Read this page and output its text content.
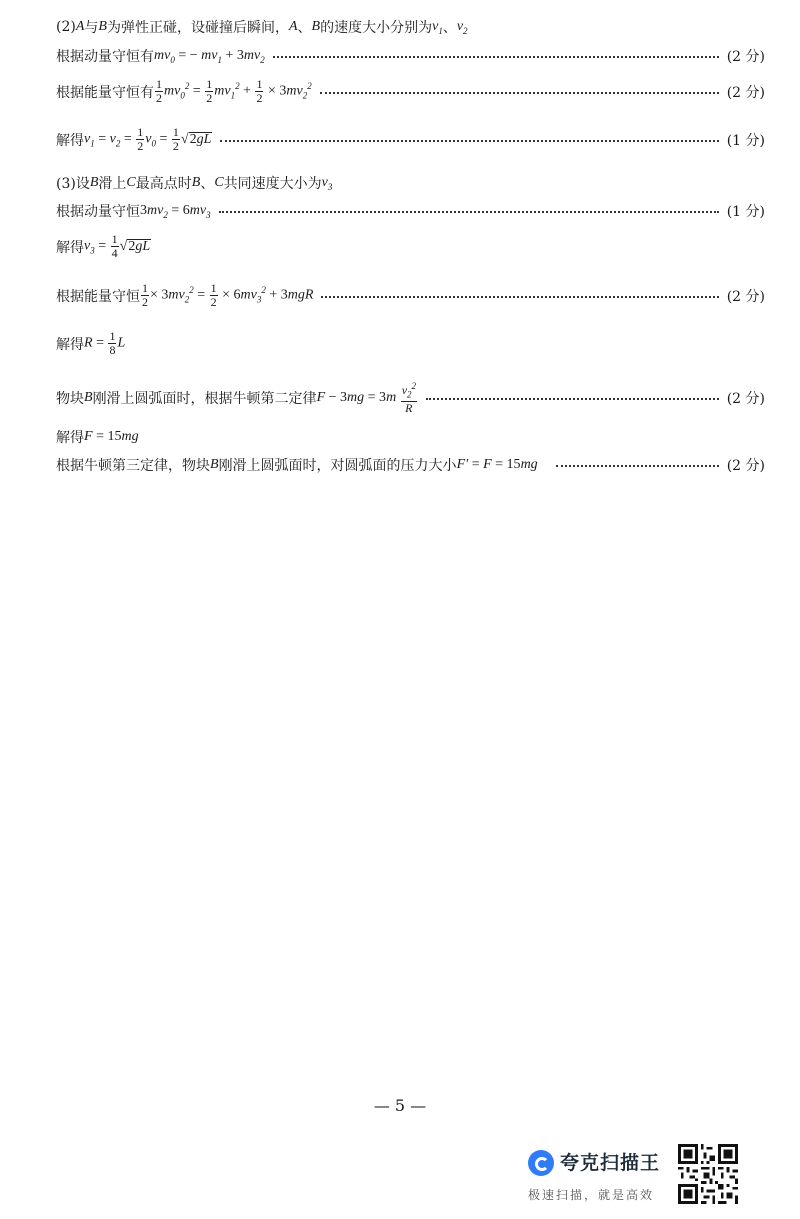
(2) A 与 B 为弹性正碰，设碰撞后瞬间， A 、 B 的速度大小分别为 $v_1$ 、 $v_2$
根据动量守恒有 $mv_0$ = − $mv_1 + 3mv_2$	(2 分)
根据能量守恒有 $\frac{1}{2} mv_0^2 = \frac{1}{2} mv_1^2 + \frac{1}{2} \times 3mv_2^2$	(2 分)
解得 $v_1 = v_2 = \frac{1}{2} v_0 = \frac{1}{2}$ √ 2gL	(1 分)
(3)设 B 滑上 C 最高点时 B 、 C 共同速度大小为 $v_3$
根据动量守恒 $3mv_2 = 6mv_3$	(1 分)
解得 $v_3 = \frac{1}{4}$ √ 2gL
根据能量守恒 $\frac{1}{2} \times 3mv_2^2 = \frac{1}{2} \times 6mv_3^2 + 3mgR$	(2 分)
解得 $R = \frac{1}{8}$ L
物块 B 刚滑上圆弧面时，根据牛顿第二定律 $F - 3mg = 3m \frac{v_2^2}{R}$	(2 分)
解得 F = 15mg
根据牛顿第三定律，物块 B 刚滑上圆弧面时，对圆弧面的压力大小 F′ = F = 15mg	(2 分)
— 5 —
夸克扫描王
极速扫描，就是高效
